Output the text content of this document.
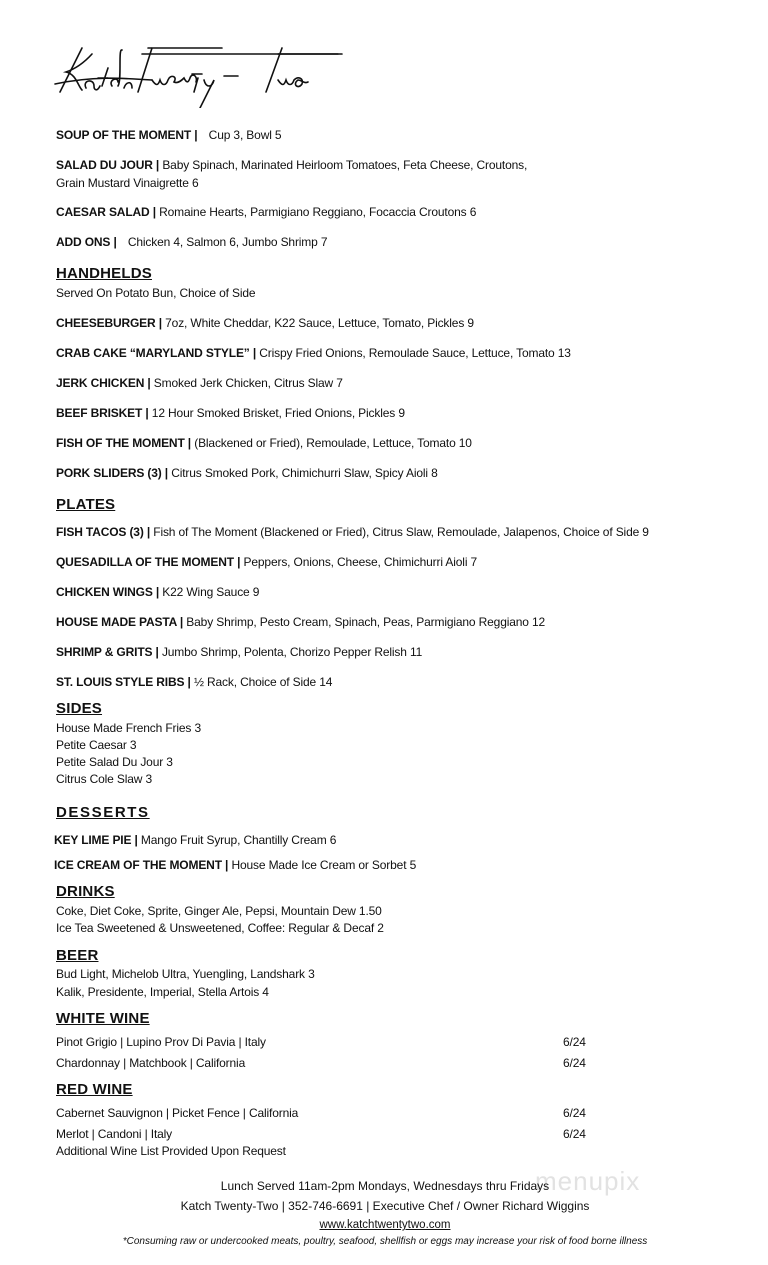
menupix
SOUP OF THE MOMENT | Cup 3, Bowl 5
SALAD DU JOUR | Baby Spinach, Marinated Heirloom Tomatoes, Feta Cheese, Croutons,
Grain Mustard Vinaigrette 6
CAESAR SALAD | Romaine Hearts, Parmigiano Reggiano, Focaccia Croutons 6
ADD ONS | Chicken 4, Salmon 6, Jumbo Shrimp 7
HANDHELDS
Served On Potato Bun, Choice of Side
CHEESEBURGER | 7oz, White Cheddar, K22 Sauce, Lettuce, Tomato, Pickles 9
CRAB CAKE “MARYLAND STYLE” | Crispy Fried Onions, Remoulade Sauce, Lettuce, Tomato 13
JERK CHICKEN | Smoked Jerk Chicken, Citrus Slaw 7
BEEF BRISKET | 12 Hour Smoked Brisket, Fried Onions, Pickles 9
FISH OF THE MOMENT | (Blackened or Fried), Remoulade, Lettuce, Tomato 10
PORK SLIDERS (3) | Citrus Smoked Pork, Chimichurri Slaw, Spicy Aioli 8
PLATES
FISH TACOS (3) | Fish of The Moment (Blackened or Fried), Citrus Slaw, Remoulade, Jalapenos, Choice of Side 9
QUESADILLA OF THE MOMENT | Peppers, Onions, Cheese, Chimichurri Aioli 7
CHICKEN WINGS | K22 Wing Sauce 9
HOUSE MADE PASTA | Baby Shrimp, Pesto Cream, Spinach, Peas, Parmigiano Reggiano 12
SHRIMP & GRITS | Jumbo Shrimp, Polenta, Chorizo Pepper Relish 11
ST. LOUIS STYLE RIBS | ½ Rack, Choice of Side 14
SIDES
House Made French Fries 3
Petite Caesar 3
Petite Salad Du Jour 3
Citrus Cole Slaw 3
DESSERTS
KEY LIME PIE | Mango Fruit Syrup, Chantilly Cream 6
ICE CREAM OF THE MOMENT | House Made Ice Cream or Sorbet 5
DRINKS
Coke, Diet Coke, Sprite, Ginger Ale, Pepsi, Mountain Dew 1.50
Ice Tea Sweetened & Unsweetened, Coffee: Regular & Decaf 2
BEER
Bud Light, Michelob Ultra, Yuengling, Landshark 3
Kalik, Presidente, Imperial, Stella Artois 4
WHITE WINE
Pinot Grigio | Lupino Prov Di Pavia | Italy	6/24
Chardonnay | Matchbook | California	6/24
RED WINE
Cabernet Sauvignon | Picket Fence | California	6/24
Merlot | Candoni | Italy	6/24
Additional Wine List Provided Upon Request
Lunch Served 11am-2pm Mondays, Wednesdays thru Fridays
Katch Twenty-Two | 352-746-6691 | Executive Chef / Owner Richard Wiggins
www.katchtwentytwo.com
*Consuming raw or undercooked meats, poultry, seafood, shellfish or eggs may increase your risk of food borne illness
